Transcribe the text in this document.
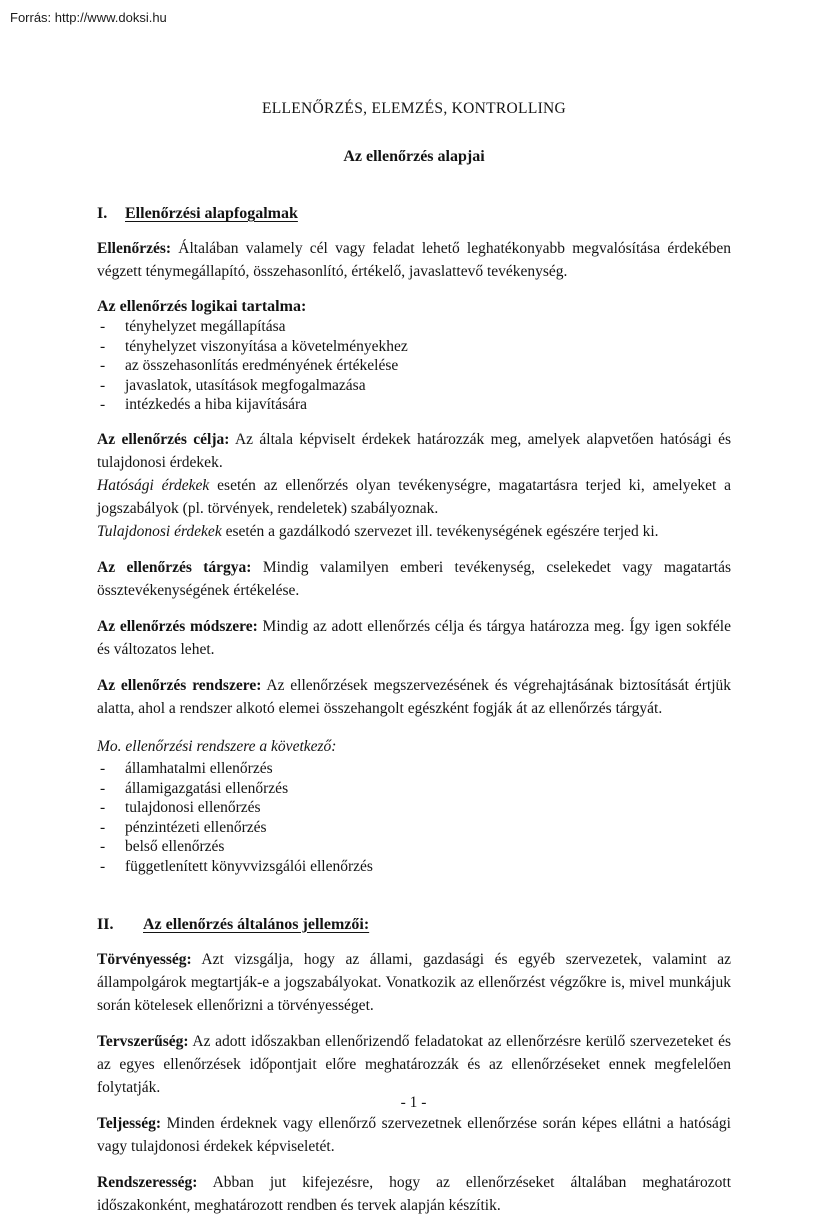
Forrás: http://www.doksi.hu
ELLENŐRZÉS, ELEMZÉS, KONTROLLING
Az ellenőrzés alapjai
I. Ellenőrzési alapfogalmak

Ellenőrzés: Általában valamely cél vagy feladat lehető leghatékonyabb megvalósítása érdekében végzett ténymegállapító, összehasonlító, értékelő, javaslattevő tevékenység.

Az ellenőrzés logikai tartalma:

-	tényhelyzet megállapítása
-	tényhelyzet viszonyítása a követelményekhez
-	az összehasonlítás eredményének értékelése
-	javaslatok, utasítások megfogalmazása
-	intézkedés a hiba kijavítására

Az ellenőrzés célja: Az általa képviselt érdekek határozzák meg, amelyek alapvetően hatósági és tulajdonosi érdekek.

Hatósági érdekek esetén az ellenőrzés olyan tevékenységre, magatartásra terjed ki, amelyeket a jogszabályok (pl. törvények, rendeletek) szabályoznak.

Tulajdonosi érdekek esetén a gazdálkodó szervezet ill. tevékenységének egészére terjed ki.

Az ellenőrzés tárgya: Mindig valamilyen emberi tevékenység, cselekedet vagy magatartás össztevékenységének értékelése.

Az ellenőrzés módszere: Mindig az adott ellenőrzés célja és tárgya határozza meg. Így igen sokféle és változatos lehet.

Az ellenőrzés rendszere: Az ellenőrzések megszervezésének és végrehajtásának biztosítását értjük alatta, ahol a rendszer alkotó elemei összehangolt egészként fogják át az ellenőrzés tárgyát.

Mo. ellenőrzési rendszere a következő:

-	államhatalmi ellenőrzés
-	államigazgatási ellenőrzés
-	tulajdonosi ellenőrzés
-	pénzintézeti ellenőrzés
-	belső ellenőrzés
-	függetlenített könyvvizsgálói ellenőrzés
II. Az ellenőrzés általános jellemzői:

Törvényesség: Azt vizsgálja, hogy az állami, gazdasági és egyéb szervezetek, valamint az állampolgárok megtartják-e a jogszabályokat. Vonatkozik az ellenőrzést végzőkre is, mivel munkájuk során kötelesek ellenőrizni a törvényességet.

Tervszerűség: Az adott időszakban ellenőrizendő feladatokat az ellenőrzésre kerülő szervezeteket és az egyes ellenőrzések időpontjait előre meghatározzák és az ellenőrzéseket ennek megfelelően folytatják.

Teljesség: Minden érdeknek vagy ellenőrző szervezetnek ellenőrzése során képes ellátni a hatósági vagy tulajdonosi érdekek képviseletét.

Rendszeresség: Abban jut kifejezésre, hogy az ellenőrzéseket általában meghatározott időszakonként, meghatározott rendben és tervek alapján készítik.

- 1 -
